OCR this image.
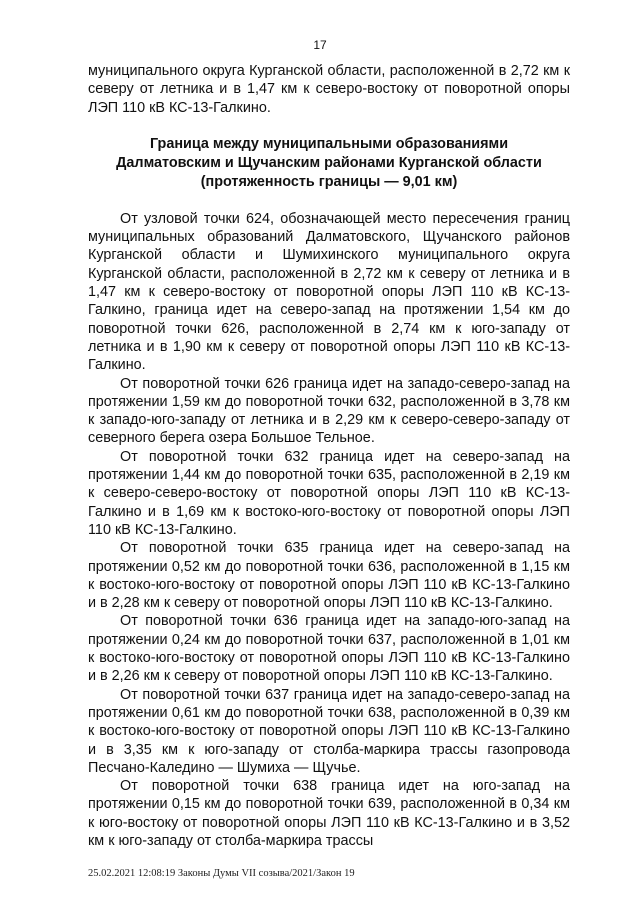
17

муниципального округа Курганской области, расположенной в 2,72 км к северу от летника и в 1,47 км к северо-востоку от поворотной опоры ЛЭП 110 кВ КС-13-Галкино.

Граница между муниципальными образованиями
Далматовским и Щучанским районами Курганской области
(протяженность границы — 9,01 км)

От узловой точки 624, обозначающей место пересечения границ муниципальных образований Далматовского, Щучанского районов Курганской области и Шумихинского муниципального округа Курганской области, расположенной в 2,72 км к северу от летника и в 1,47 км к северо-востоку от поворотной опоры ЛЭП 110 кВ КС-13-Галкино, граница идет на северо-запад на протяжении 1,54 км до поворотной точки 626, расположенной в 2,74 км к юго-западу от летника и в 1,90 км к северу от поворотной опоры ЛЭП 110 кВ КС-13-Галкино.

От поворотной точки 626 граница идет на западо-северо-запад на протяжении 1,59 км до поворотной точки 632, расположенной в 3,78 км к западо-юго-западу от летника и в 2,29 км к северо-северо-западу от северного берега озера Большое Тельное.

От поворотной точки 632 граница идет на северо-запад на протяжении 1,44 км до поворотной точки 635, расположенной в 2,19 км к северо-северо-востоку от поворотной опоры ЛЭП 110 кВ КС-13-Галкино и в 1,69 км к востоко-юго-востоку от поворотной опоры ЛЭП 110 кВ КС-13-Галкино.

От поворотной точки 635 граница идет на северо-запад на протяжении 0,52 км до поворотной точки 636, расположенной в 1,15 км к востоко-юго-востоку от поворотной опоры ЛЭП 110 кВ КС-13-Галкино и в 2,28 км к северу от поворотной опоры ЛЭП 110 кВ КС-13-Галкино.

От поворотной точки 636 граница идет на западо-юго-запад на протяжении 0,24 км до поворотной точки 637, расположенной в 1,01 км к востоко-юго-востоку от поворотной опоры ЛЭП 110 кВ КС-13-Галкино и в 2,26 км к северу от поворотной опоры ЛЭП 110 кВ КС-13-Галкино.

От поворотной точки 637 граница идет на западо-северо-запад на протяжении 0,61 км до поворотной точки 638, расположенной в 0,39 км к востоко-юго-востоку от поворотной опоры ЛЭП 110 кВ КС-13-Галкино и в 3,35 км к юго-западу от столба-маркира трассы газопровода Песчано-Каледино — Шумиха — Щучье.

От поворотной точки 638 граница идет на юго-запад на протяжении 0,15 км до поворотной точки 639, расположенной в 0,34 км к юго-востоку от поворотной опоры ЛЭП 110 кВ КС-13-Галкино и в 3,52 км к юго-западу от столба-маркира трассы

25.02.2021 12:08:19 Законы Думы VII созыва/2021/Закон 19
